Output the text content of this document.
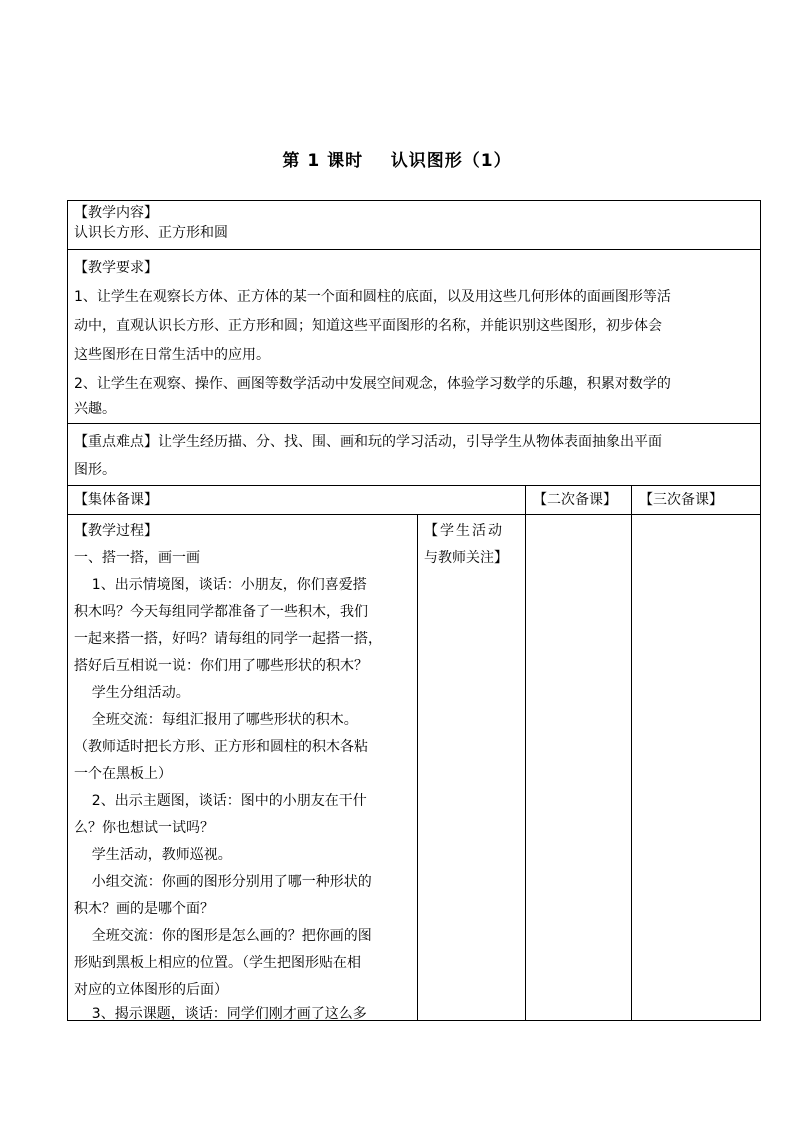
第 1 课时    认识图形（1）
【教学内容】
认识长方形、正方形和圆
【教学要求】
1、让学生在观察长方体、正方体的某一个面和圆柱的底面，以及用这些几何形体的面画图形等活
动中，直观认识长方形、正方形和圆；知道这些平面图形的名称，并能识别这些图形，初步体会
这些图形在日常生活中的应用。
2、让学生在观察、操作、画图等数学活动中发展空间观念，体验学习数学的乐趣，积累对数学的
兴趣。
【重点难点】让学生经历描、分、找、围、画和玩的学习活动，引导学生从物体表面抽象出平面
图形。
【集体备课】	【二次备课】 【三次备课】
【教学过程】
一、搭一搭，画一画
1、出示情境图，谈话：小朋友，你们喜爱搭
积木吗？今天每组同学都准备了一些积木，我们
一起来搭一搭，好吗？请每组的同学一起搭一搭，
搭好后互相说一说：你们用了哪些形状的积木？
学生分组活动。
全班交流：每组汇报用了哪些形状的积木。
（教师适时把长方形、正方形和圆柱的积木各粘
一个在黑板上）
2、出示主题图，谈话：图中的小朋友在干什
么？你也想试一试吗？
学生活动，教师巡视。
小组交流：你画的图形分别用了哪一种形状的
积木？画的是哪个面？
全班交流：你的图形是怎么画的？把你画的图
形贴到黑板上相应的位置。（学生把图形贴在相
对应的立体图形的后面）
3、揭示课题，谈话：同学们刚才画了这么多
【学生活动
与教师关注】
